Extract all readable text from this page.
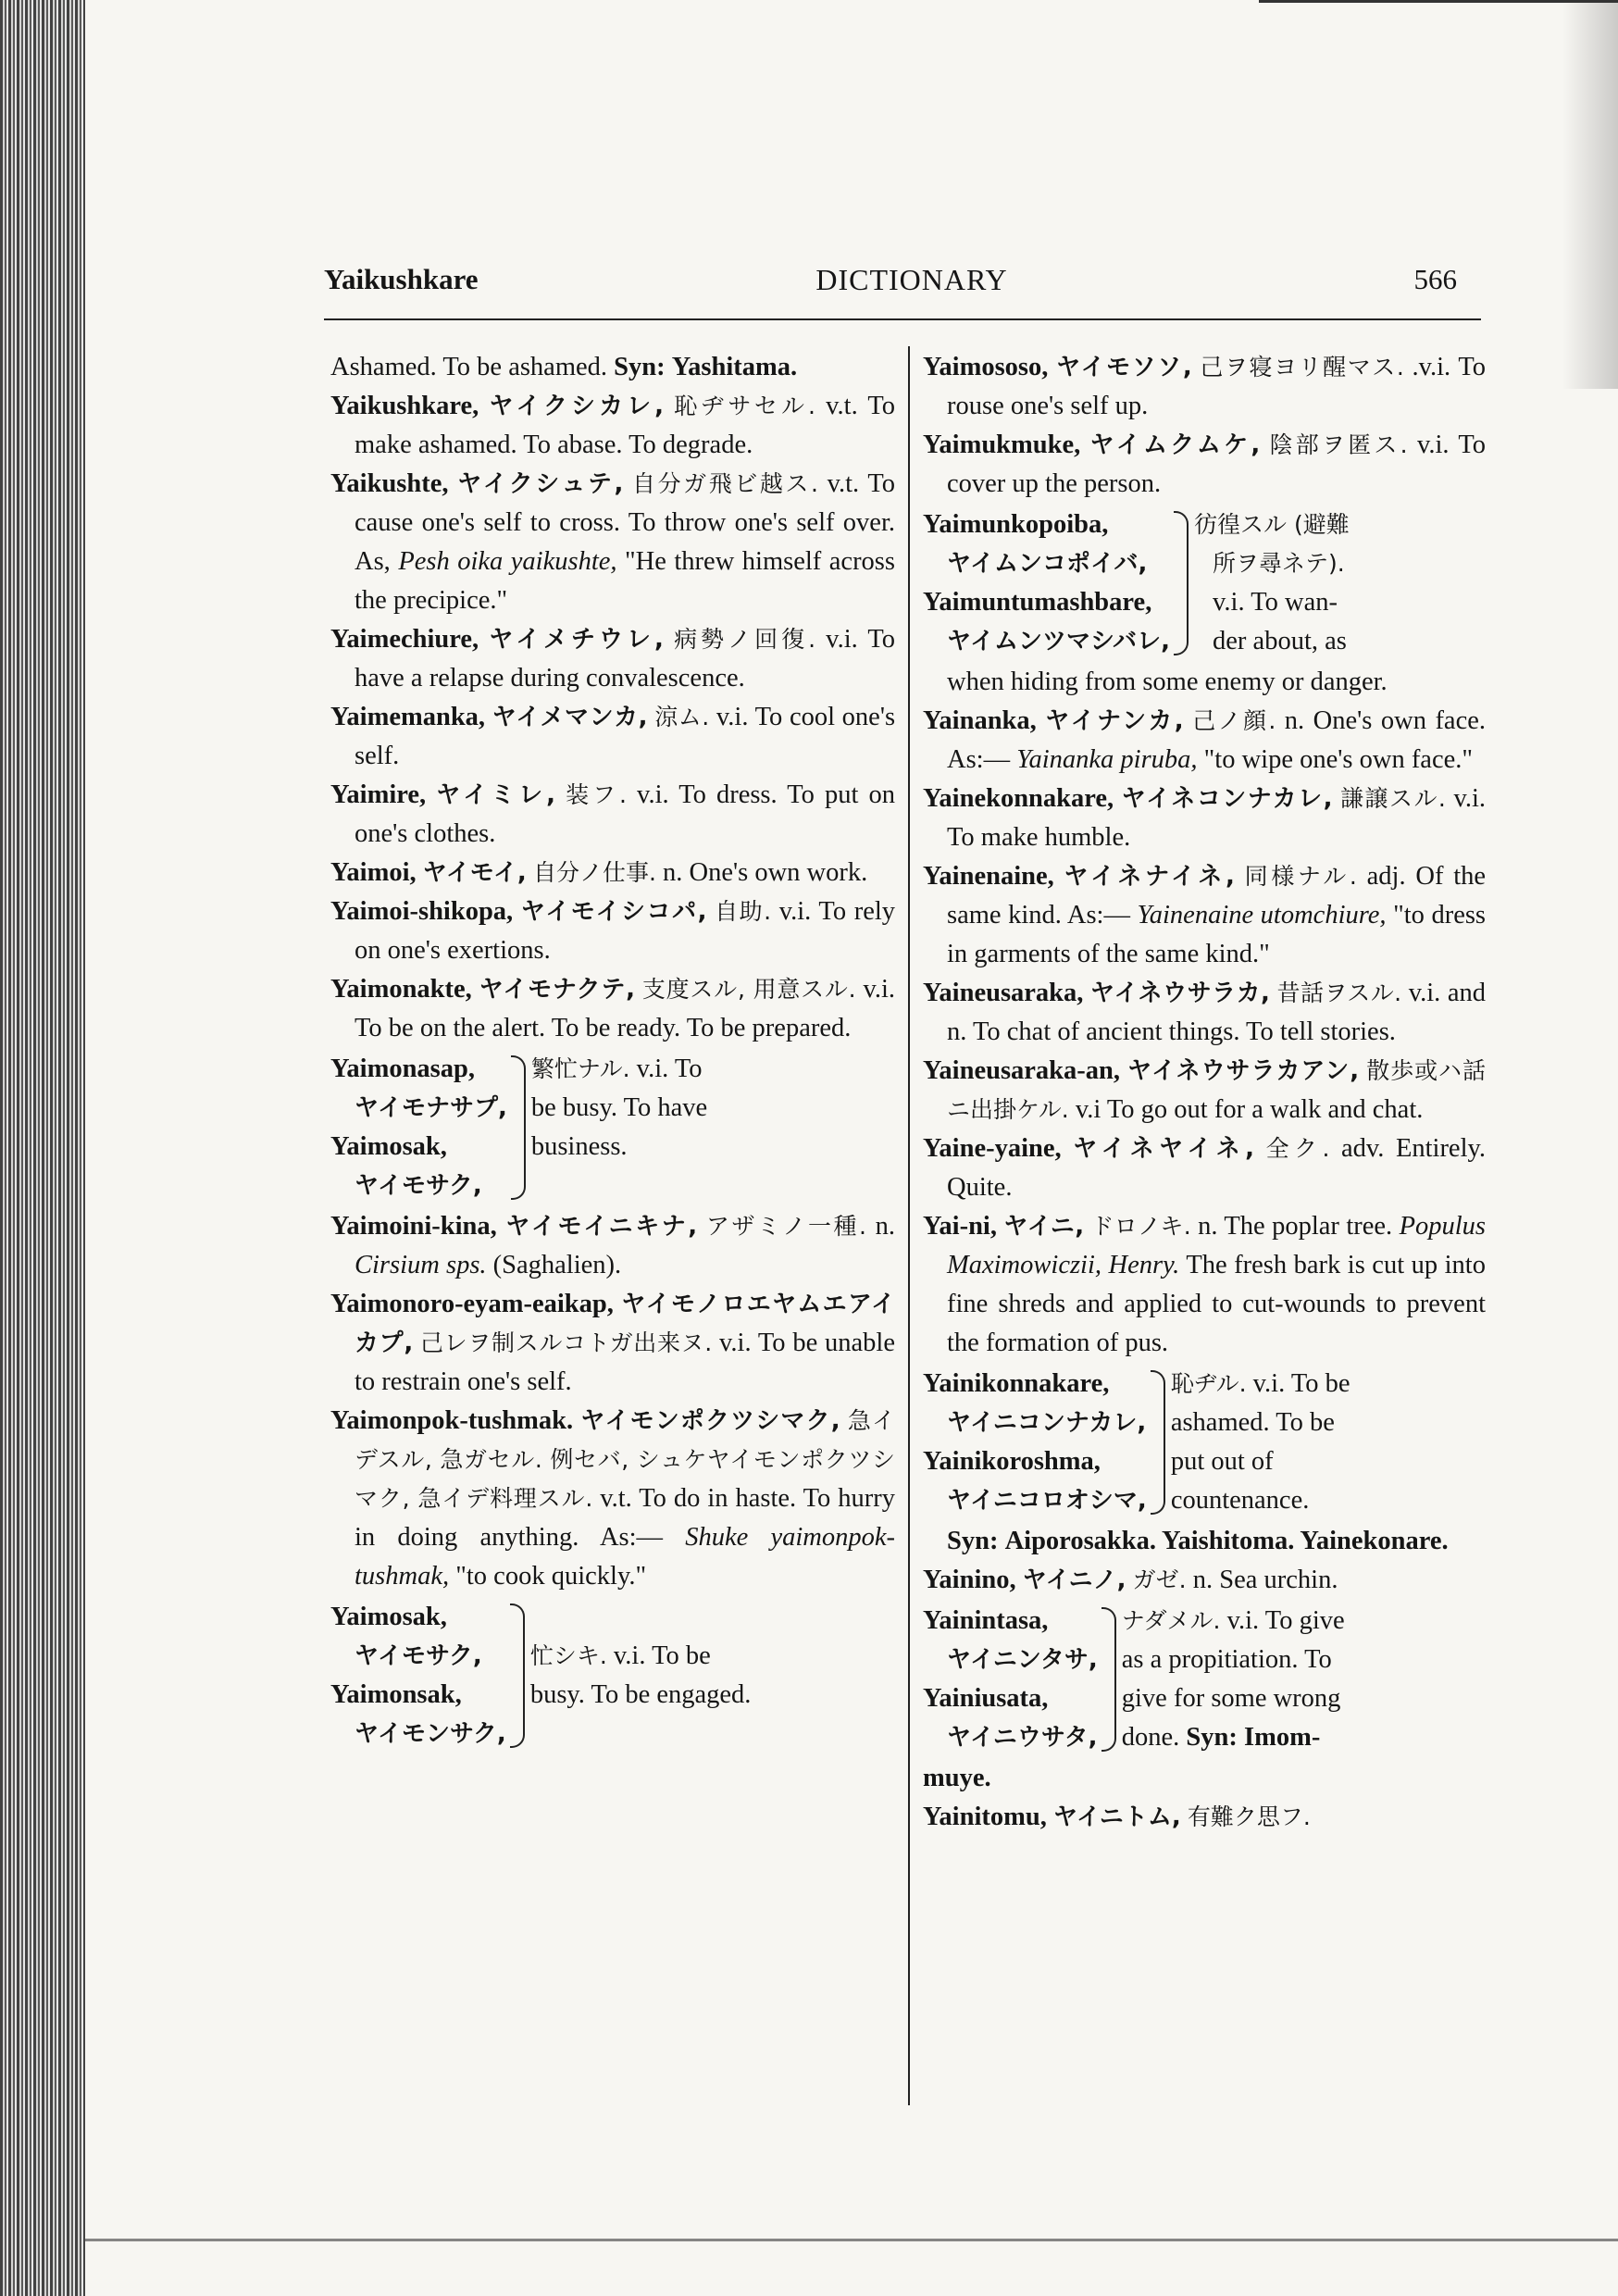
Yaikushkare	DICTIONARY	566

Ashamed. To be ashamed. Syn: Yashitama.

Yaikushkare, ヤイクシカレ, 恥ヂサセル. v.t. To make ashamed. To abase. To degrade.

Yaikushte, ヤイクシュテ, 自分ガ飛ビ越ス. v.t. To cause one's self to cross. To throw one's self over. As, Pesh oika yaikushte, "He threw himself across the precipice."

Yaimechiure, ヤイメチウレ, 病勢ノ回復. v.i. To have a relapse during convalescence.

Yaimemanka, ヤイメマンカ, 涼ム. v.i. To cool one's self.

Yaimire, ヤイミレ, 装フ. v.i. To dress. To put on one's clothes.

Yaimoi, ヤイモイ, 自分ノ仕事. n. One's own work.

Yaimoi-shikopa, ヤイモイシコパ, 自助. v.i. To rely on one's exertions.

Yaimonakte, ヤイモナクテ, 支度スル, 用意スル. v.i. To be on the alert. To be ready. To be prepared.

Yaimonasap,
ヤイモナサプ,
Yaimosak,
ヤイモサク,
繁忙ナル. v.i. To
be busy. To have
business.

Yaimoini-kina, ヤイモイニキナ, アザミノ一種. n. Cirsium sps. (Saghalien).

Yaimonoro-eyam-eaikap, ヤイモノロエヤムエアイカプ, 己レヲ制スルコトガ出来ヌ. v.i. To be unable to restrain one's self.

Yaimonpok-tushmak. ヤイモンポクツシマク, 急イデスル, 急ガセル. 例セバ, シュケヤイモンポクツシマク, 急イデ料理スル. v.t. To do in haste. To hurry in doing anything. As:— Shuke yaimonpok-tushmak, "to cook quickly."

Yaimosak,
ヤイモサク,
Yaimonsak,
ヤイモンサク,
忙シキ. v.i. To be
busy. To be engaged.

Yaimososo, ヤイモソソ, 己ヲ寝ヨリ醒マス. .v.i. To rouse one's self up.

Yaimukmuke, ヤイムクムケ, 陰部ヲ匿ス. v.i. To cover up the person.

Yaimunkopoiba,
ヤイムンコポイバ,
Yaimuntumashbare,
ヤイムンツマシバレ,
彷徨スル (避難
所ヲ尋ネテ).
v.i. To wan-
der about, as

when hiding from some enemy or danger.

Yainanka, ヤイナンカ, 己ノ顔. n. One's own face. As:— Yainanka piruba, "to wipe one's own face."

Yainekonnakare, ヤイネコンナカレ, 謙譲スル. v.i. To make humble.

Yainenaine, ヤイネナイネ, 同様ナル. adj. Of the same kind. As:— Yainenaine utomchiure, "to dress in garments of the same kind."

Yaineusaraka, ヤイネウサラカ, 昔話ヲスル. v.i. and n. To chat of ancient things. To tell stories.

Yaineusaraka-an, ヤイネウサラカアン, 散歩或ハ話ニ出掛ケル. v.i To go out for a walk and chat.

Yaine-yaine, ヤイネヤイネ, 全ク. adv. Entirely. Quite.

Yai-ni, ヤイニ, ドロノキ. n. The poplar tree. Populus Maximowiczii, Henry. The fresh bark is cut up into fine shreds and applied to cut-wounds to prevent the formation of pus.

Yainikonnakare,
ヤイニコンナカレ,
Yainikoroshma,
ヤイニコロオシマ,
恥ヂル. v.i. To be
ashamed. To be
put out of
countenance.

Syn: Aiporosakka. Yaishitoma. Yainekonare.

Yainino, ヤイニノ, ガゼ. n. Sea urchin.

Yainintasa,
ヤイニンタサ,
Yainiusata,
ヤイニウサタ,
ナダメル. v.i. To give
as a propitiation. To
give for some wrong
done. Syn: Imom-

muye.

Yainitomu, ヤイニトム, 有難ク思フ.
